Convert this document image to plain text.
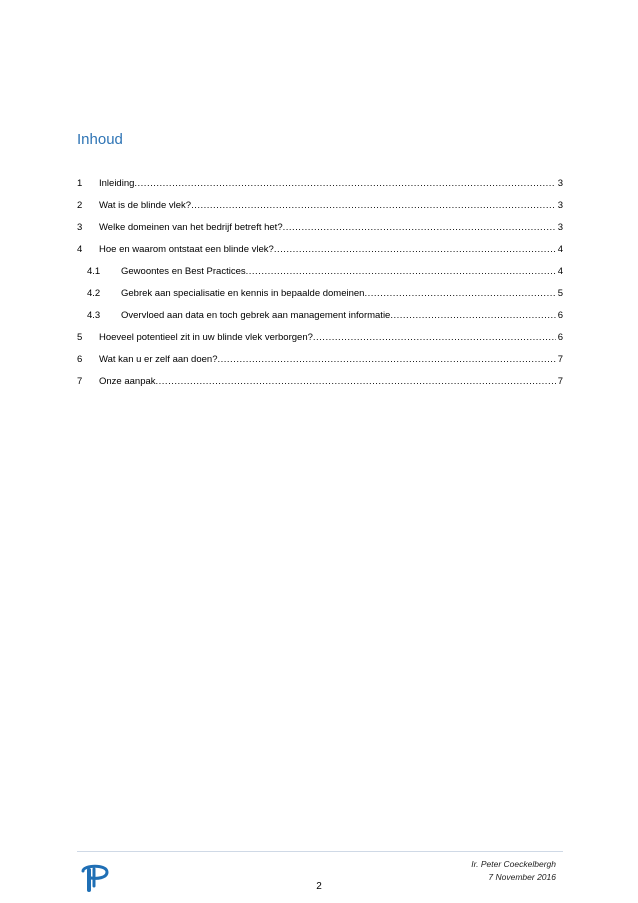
Inhoud
1	Inleiding .....	3
2	Wat is de blinde vlek? .....	3
3	Welke domeinen van het bedrijf betreft het? .....	3
4	Hoe en waarom ontstaat een blinde vlek? .....	4
4.1	Gewoontes en Best Practices .....	4
4.2	Gebrek aan specialisatie en kennis in bepaalde domeinen .....	5
4.3	Overvloed aan data en toch gebrek aan management informatie .....	6
5	Hoeveel potentieel zit in uw blinde vlek verborgen? .....	6
6	Wat kan u er zelf aan doen? .....	7
7	Onze aanpak .....	7
Ir. Peter Coeckelbergh
7 November 2016
2
